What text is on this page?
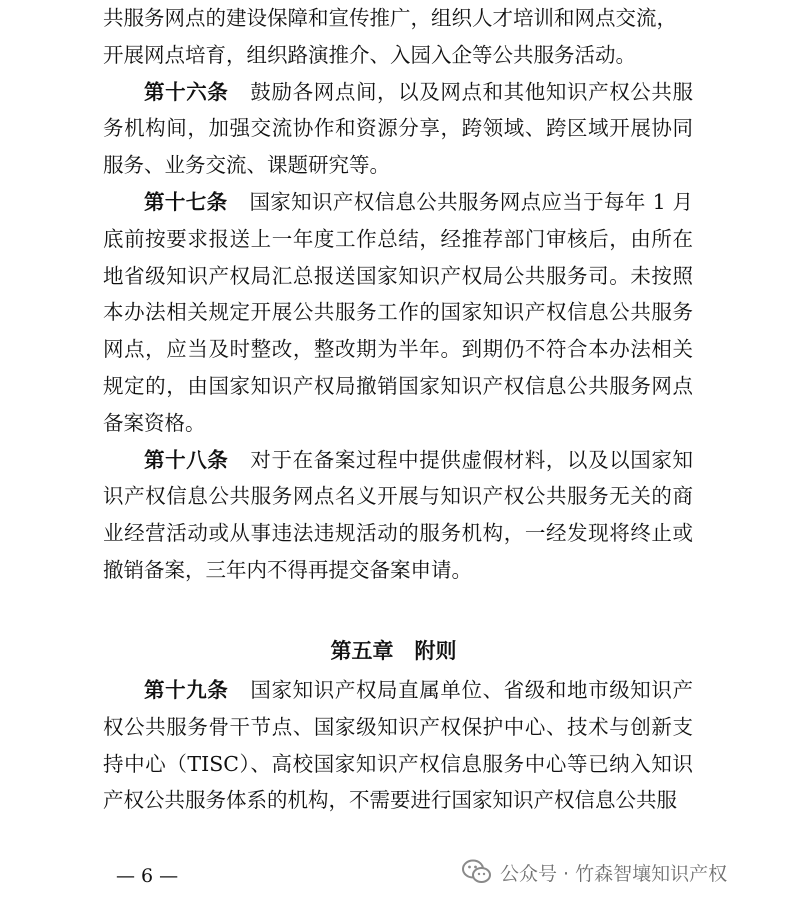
共服务网点的建设保障和宣传推广，组织人才培训和网点交流，

开展网点培育，组织路演推介、入园入企等公共服务活动。

第十六条 鼓励各网点间，以及网点和其他知识产权公共服务机构间，加强交流协作和资源分享，跨领域、跨区域开展协同服务、业务交流、课题研究等。

第十七条 国家知识产权信息公共服务网点应当于每年 1 月底前按要求报送上一年度工作总结，经推荐部门审核后，由所在地省级知识产权局汇总报送国家知识产权局公共服务司。未按照本办法相关规定开展公共服务工作的国家知识产权信息公共服务网点，应当及时整改，整改期为半年。到期仍不符合本办法相关规定的，由国家知识产权局撤销国家知识产权信息公共服务网点备案资格。

第十八条 对于在备案过程中提供虚假材料，以及以国家知识产权信息公共服务网点名义开展与知识产权公共服务无关的商业经营活动或从事违法违规活动的服务机构，一经发现将终止或撤销备案，三年内不得再提交备案申请。

第五章 附则

第十九条 国家知识产权局直属单位、省级和地市级知识产权公共服务骨干节点、国家级知识产权保护中心、技术与创新支持中心（TISC）、高校国家知识产权信息服务中心等已纳入知识产权公共服务体系的机构，不需要进行国家知识产权信息公共服

— 6 —	公众号 · 竹森智壤知识产权
